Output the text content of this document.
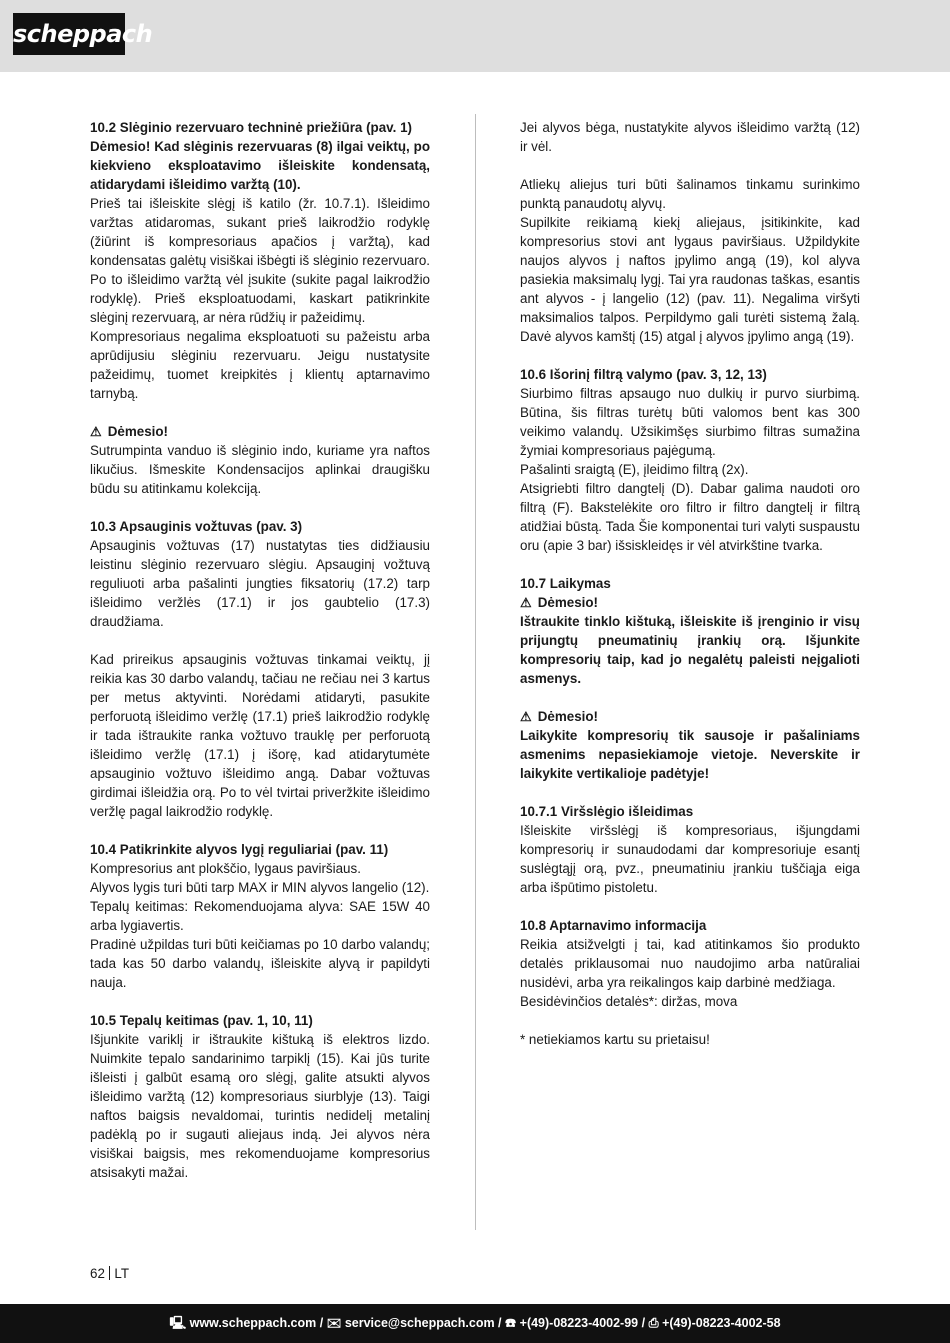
scheppach

10.2 Slėginio rezervuaro techninė priežiūra (pav. 1)

Dėmesio! Kad slėginis rezervuaras (8) ilgai veiktų, po kiekvieno eksploatavimo išleiskite kondensatą, atidarydami išleidimo varžtą (10).

Prieš tai išleiskite slėgį iš katilo (žr. 10.7.1). Išleidimo varžtas atidaromas, sukant prieš laikrodžio rodyklę (žiūrint iš kompresoriaus apačios į varžtą), kad kondensatas galėtų visiškai išbėgti iš slėginio rezervuaro. Po to išleidimo varžtą vėl įsukite (sukite pagal laikrodžio rodyklę). Prieš eksploatuodami, kaskart patikrinkite slėginį rezervuarą, ar nėra rūdžių ir pažeidimų.

Kompresoriaus negalima eksploatuoti su pažeistu arba aprūdijusiu slėginiu rezervuaru. Jeigu nustatysite pažeidimų, tuomet kreipkitės į klientų aptarnavimo tarnybą.

⚠ Dėmesio!

Sutrumpinta vanduo iš slėginio indo, kuriame yra naftos likučius. Išmeskite Kondensacijos aplinkai draugišku būdu su atitinkamu kolekciją.

10.3 Apsauginis vožtuvas (pav. 3)

Apsauginis vožtuvas (17) nustatytas ties didžiausiu leistinu slėginio rezervuaro slėgiu. Apsauginį vožtuvą reguliuoti arba pašalinti jungties fiksatorių (17.2) tarp išleidimo veržlės (17.1) ir jos gaubtelio (17.3) draudžiama.

Kad prireikus apsauginis vožtuvas tinkamai veiktų, jį reikia kas 30 darbo valandų, tačiau ne rečiau nei 3 kartus per metus aktyvinti. Norėdami atidaryti, pasukite perforuotą išleidimo veržlę (17.1) prieš laikrodžio rodyklę ir tada ištraukite ranka vožtuvo trauklę per perforuotą išleidimo veržlę (17.1) į išorę, kad atidarytumėte apsauginio vožtuvo išleidimo angą. Dabar vožtuvas girdimai išleidžia orą. Po to vėl tvirtai priveržkite išleidimo veržlę pagal laikrodžio rodyklę.

10.4 Patikrinkite alyvos lygį reguliariai (pav. 11)

Kompresorius ant plokščio, lygaus paviršiaus.

Alyvos lygis turi būti tarp MAX ir MIN alyvos langelio (12).

Tepalų keitimas: Rekomenduojama alyva: SAE 15W 40 arba lygiavertis.

Pradinė užpildas turi būti keičiamas po 10 darbo valandų; tada kas 50 darbo valandų, išleiskite alyvą ir papildyti nauja.

10.5 Tepalų keitimas (pav. 1, 10, 11)

Išjunkite variklį ir ištraukite kištuką iš elektros lizdo. Nuimkite tepalo sandarinimo tarpiklį (15). Kai jūs turite išleisti į galbūt esamą oro slėgį, galite atsukti alyvos išleidimo varžtą (12) kompresoriaus siurblyje (13). Taigi naftos baigsis nevaldomai, turintis nedidelį metalinį padėklą po ir sugauti aliejaus indą. Jei alyvos nėra visiškai baigsis, mes rekomenduojame kompresorius atsisakyti mažai.

Jei alyvos bėga, nustatykite alyvos išleidimo varžtą (12) ir vėl.

Atliekų aliejus turi būti šalinamos tinkamu surinkimo punktą panaudotų alyvų.

Supilkite reikiamą kiekį aliejaus, įsitikinkite, kad kompresorius stovi ant lygaus paviršiaus. Užpildykite naujos alyvos į naftos įpylimo angą (19), kol alyva pasiekia maksimalų lygį. Tai yra raudonas taškas, esantis ant alyvos - į langelio (12) (pav. 11). Negalima viršyti maksimalios talpos. Perpildymo gali turėti sistemą žalą. Davė alyvos kamštį (15) atgal į alyvos įpylimo angą (19).

10.6 Išorinį filtrą valymo (pav. 3, 12, 13)

Siurbimo filtras apsaugo nuo dulkių ir purvo siurbimą. Būtina, šis filtras turėtų būti valomos bent kas 300 veikimo valandų. Užsikimšęs siurbimo filtras sumažina žymiai kompresoriaus pajėgumą.

Pašalinti sraigtą (E), įleidimo filtrą (2x).

Atsigriebti filtro dangtelį (D). Dabar galima naudoti oro filtrą (F). Bakstelėkite oro filtro ir filtro dangtelį ir filtrą atidžiai būstą. Tada Šie komponentai turi valyti suspaustu oru (apie 3 bar) išsiskleidęs ir vėl atvirkštine tvarka.

10.7 Laikymas

⚠ Dėmesio!

Ištraukite tinklo kištuką, išleiskite iš įrenginio ir visų prijungtų pneumatinių įrankių orą. Išjunkite kompresorių taip, kad jo negalėtų paleisti neįgalioti asmenys.

⚠ Dėmesio!

Laikykite kompresorių tik sausoje ir pašaliniams asmenims nepasiekiamoje vietoje. Neverskite ir laikykite vertikalioje padėtyje!

10.7.1 Viršslėgio išleidimas

Išleiskite viršslėgį iš kompresoriaus, išjungdami kompresorių ir sunaudodami dar kompresoriuje esantį suslėgtąjį orą, pvz., pneumatiniu įrankiu tuščiąja eiga arba išpūtimo pistoletu.

10.8 Aptarnavimo informacija

Reikia atsižvelgti į tai, kad atitinkamos šio produkto detalės priklausomai nuo naudojimo arba natūraliai nusidėvi, arba yra reikalingos kaip darbinė medžiaga.

Besidėvinčios detalės*: diržas, mova

* netiekiamos kartu su prietaisu!

62 LT
🖳 www.scheppach.com / ✉ service@scheppach.com / ☎ +(49)-08223-4002-99 / ⎙ +(49)-08223-4002-58
